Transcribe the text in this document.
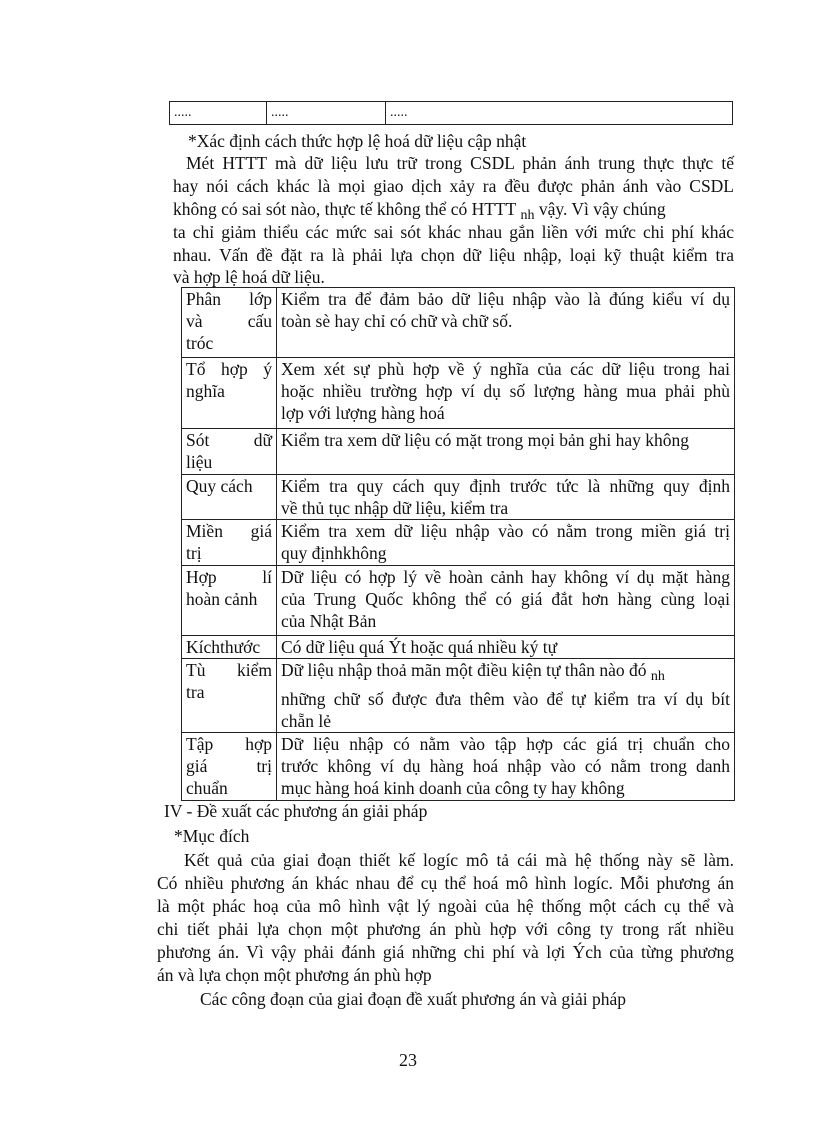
.....	.....	.....
*Xác định cách thức hợp lệ hoá dữ liệu cập nhật
Mét HTTT mà dữ liệu lưu trữ trong CSDL phản ánh trung thực thực tế
hay nói cách khác là mọi giao dịch xảy ra đều được phản ánh vào CSDL
không có sai sót nào, thực tế không thể có HTTT $_{nh}$ vậy. Vì vậy chúng
ta chỉ giảm thiểu các mức sai sót khác nhau gắn liền với mức chi phí khác
nhau. Vấn đề đặt ra là phải lựa chọn dữ liệu nhập, loại kỹ thuật kiểm tra
và hợp lệ hoá dữ liệu.
Phân lớp
và cấu
tróc	Kiểm tra để đảm bảo dữ liệu nhập vào là đúng kiểu ví dụ
toàn sè hay chỉ có chữ và chữ số.

Tổ hợp ý
nghĩa	Xem xét sự phù hợp về ý nghĩa của các dữ liệu trong hai
hoặc nhiều trường hợp ví dụ số lượng hàng mua phải phù
lợp với lượng hàng hoá

Sót dữ
liệu	Kiểm tra xem dữ liệu có mặt trong mọi bản ghi hay không

Quy cách	Kiểm tra quy cách quy định trước tức là những quy định
về thủ tục nhập dữ liệu, kiểm tra

Miền giá
trị	Kiểm tra xem dữ liệu nhập vào có nằm trong miền giá trị
quy địnhkhông

Hợp lí
hoàn cảnh	Dữ liệu có hợp lý về hoàn cảnh hay không ví dụ mặt hàng
của Trung Quốc không thể có giá đắt hơn hàng cùng loại
của Nhật Bản

Kíchthước	Có dữ liệu quá Ýt hoặc quá nhiều ký tự

Tù kiểm
tra	Dữ liệu nhập thoả mãn một điều kiện tự thân nào đó $_{nh}$
những chữ số được đưa thêm vào để tự kiểm tra ví dụ bít
chẵn lẻ

Tập hợp
giá trị
chuẩn	Dữ liệu nhập có nằm vào tập hợp các giá trị chuẩn cho
trước không ví dụ hàng hoá nhập vào có nằm trong danh
mục hàng hoá kinh doanh của công ty hay không
IV - Đề xuất các phương án giải pháp
*Mục đích
Kết quả của giai đoạn thiết kế logíc mô tả cái mà hệ thống này sẽ làm.
Có nhiều phương án khác nhau để cụ thể hoá mô hình logíc. Mỗi phương án
là một phác hoạ của mô hình vật lý ngoài của hệ thống một cách cụ thể và
chi tiết phải lựa chọn một phương án phù hợp với công ty trong rất nhiều
phương án. Vì vậy phải đánh giá những chi phí và lợi Ých của từng phương
án và lựa chọn một phương án phù hợp
Các công đoạn của giai đoạn đề xuất phương án và giải pháp
23
